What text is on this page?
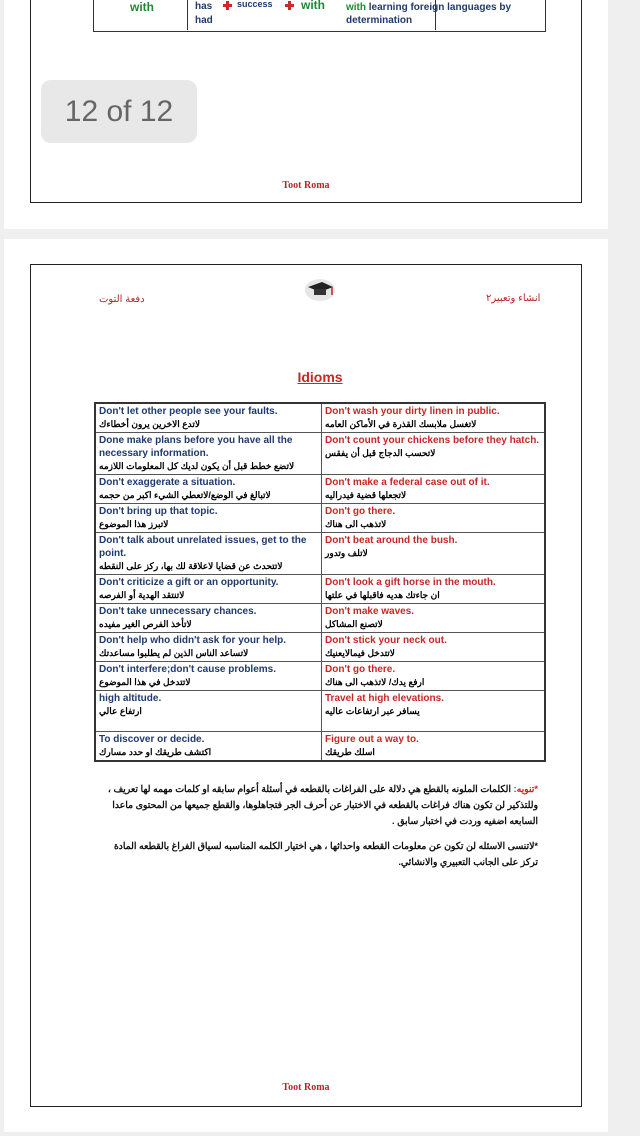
with	has
had
success with with learning foreign languages by
determination
Toot Roma
12 of 12
Toot Roma
دفعة التوت	انشاء وتعبير٢
Idioms
Don't let other people see your faults.
لاتدع الاخرين يرون أخطاءك
Don't wash your dirty linen in public.
لاتغسل ملابسك القذرة في الأماكن العامه
Done make plans before you have all the necessary information.
لاتضع خطط قبل أن يكون لديك كل المعلومات اللازمه
Don't count your chickens before they hatch.
لاتحسب الدجاج قبل أن يفقس
Don't exaggerate a situation.
لاتبالغ في الوضع/لاتعطي الشيء اكبر من حجمه
Don't make a federal case out of it.
لاتجعلها قضية فيدراليه
Don't bring up that topic.
لاتبرز هذا الموضوع
Don't go there.
لاتذهب الى هناك
Don't talk about unrelated issues, get to the point.
لاتتحدث عن قضايا لاعلاقة لك بها، ركز على النقطه
Don't beat around the bush.
لاتلف وتدور
Don't criticize a gift or an opportunity.
لاتنتقد الهدية أو الفرصه
Don't look a gift horse in the mouth.
ان جاءتك هديه فاقبلها في علتها
Don't take unnecessary chances.
لاتأخذ الفرص الغير مفيده
Don't make waves.
لاتصنع المشاكل
Don't help who didn't ask for your help.
لاتساعد الناس الذين لم يطلبوا مساعدتك
Don't stick your neck out.
لاتتدخل فيمالايعنيك
Don't interfere;don't cause problems.
لاتتدخل في هذا الموضوع
Don't go there.
ارفع يدك/ لاتذهب الى هناك
high altitude.
ارتفاع عالي
Travel at high elevations.
يسافر عبر ارتفاعات عاليه
To discover or decide.
اكتشف طريقك او حدد مسارك
Figure out a way to.
اسلك طريقك
*تنويه: الكلمات الملونه بالقطع هي دلالة على الفراغات بالقطعه في أسئلة أعوام سابقه او كلمات مهمه لها تعريف ، وللتذكير لن تكون هناك فراغات بالقطعه في الاختبار عن أحرف الجر فتجاهلوها، والقطع جميعها من المحتوى ماعدا السابعه اضفيه وردت في اختبار سابق .
*لاتنسى الاسئله لن تكون عن معلومات القطعه واحداثها ، هي اختيار الكلمه المناسبه لسياق الفراغ بالقطعه المادة تركز على الجانب التعبيري والانشائي.
